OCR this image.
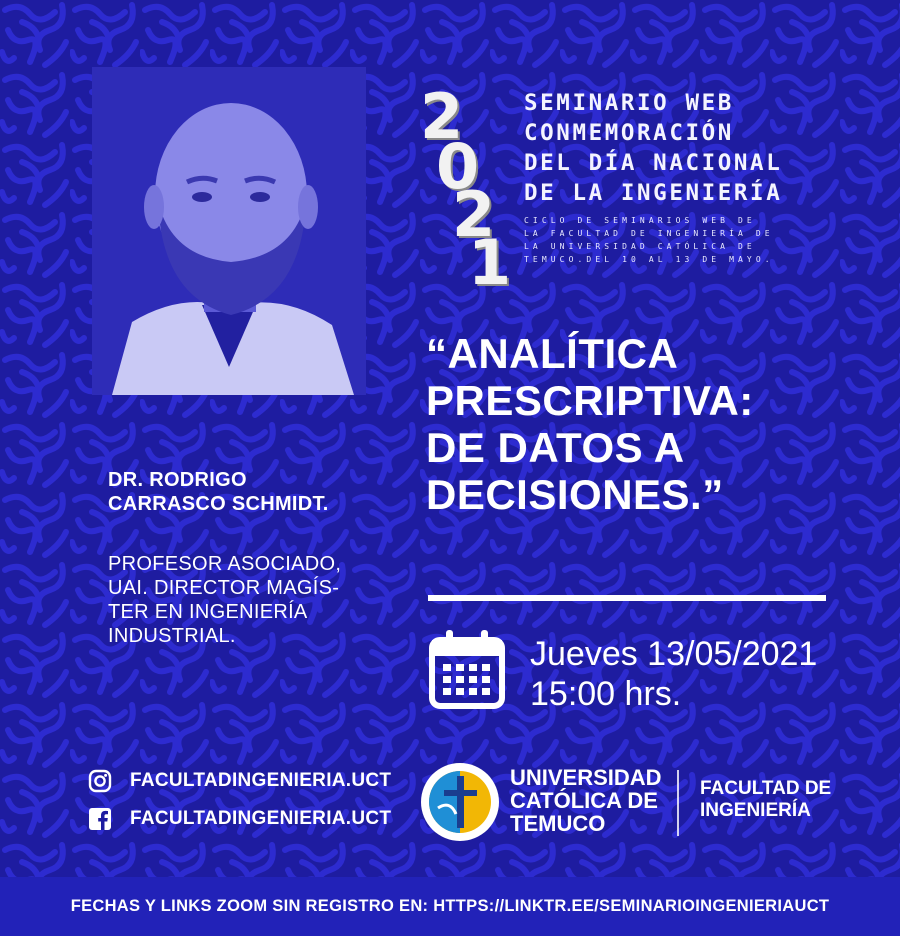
2
0
2
1
SEMINARIO WEB
CONMEMORACIÓN
DEL DÍA NACIONAL
DE LA INGENIERÍA
CICLO DE SEMINARIOS WEB DE
LA FACULTAD DE INGENIERÍA DE
LA UNIVERSIDAD CATÓLICA DE
TEMUCO.DEL 10 AL 13 DE MAYO.
“ANALÍTICA
PRESCRIPTIVA:
DE DATOS A
DECISIONES.”
DR. RODRIGO
CARRASCO SCHMIDT.
PROFESOR ASOCIADO,
UAI. DIRECTOR MAGÍS-
TER EN INGENIERÍA
INDUSTRIAL.	Jueves 13/05/2021
15:00 hrs.
FACULTADINGENIERIA.UCT
FACULTADINGENIERIA.UCT
UNIVERSIDAD
CATÓLICA DE
TEMUCO
FACULTAD DE
INGENIERÍA
FECHAS Y LINKS ZOOM SIN REGISTRO EN: HTTPS://LINKTR.EE/SEMINARIOINGENIERIAUCT
